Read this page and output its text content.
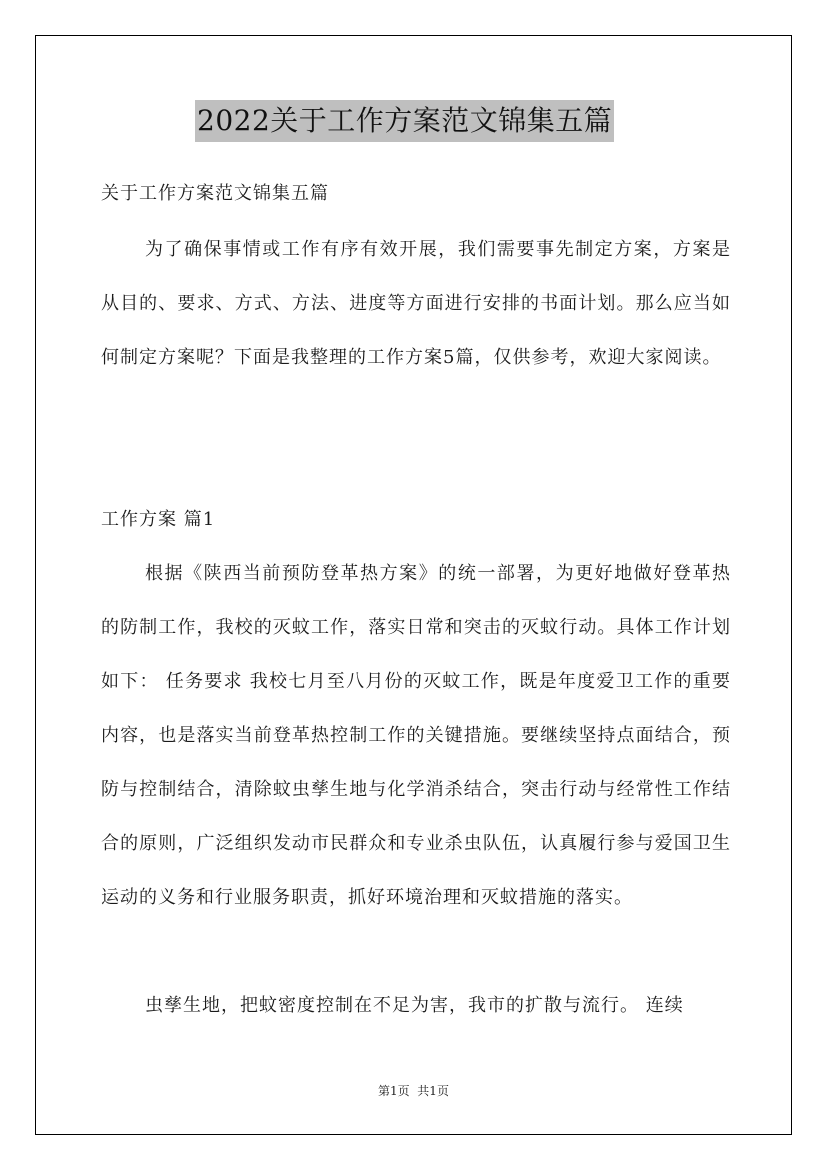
2022关于工作方案范文锦集五篇
关于工作方案范文锦集五篇
为了确保事情或工作有序有效开展，我们需要事先制定方案，方案是从目的、要求、方式、方法、进度等方面进行安排的书面计划。那么应当如何制定方案呢？下面是我整理的工作方案5篇，仅供参考，欢迎大家阅读。
工作方案 篇1
根据《陕西当前预防登革热方案》的统一部署，为更好地做好登革热的防制工作，我校的灭蚊工作，落实日常和突击的灭蚊行动。具体工作计划如下： 任务要求 我校七月至八月份的灭蚊工作，既是年度爱卫工作的重要内容，也是落实当前登革热控制工作的关键措施。要继续坚持点面结合，预防与控制结合，清除蚊虫孳生地与化学消杀结合，突击行动与经常性工作结合的原则，广泛组织发动市民群众和专业杀虫队伍，认真履行参与爱国卫生运动的义务和行业服务职责，抓好环境治理和灭蚊措施的落实。
虫孳生地，把蚊密度控制在不足为害，我市的扩散与流行。 连续
第1页  共1页
